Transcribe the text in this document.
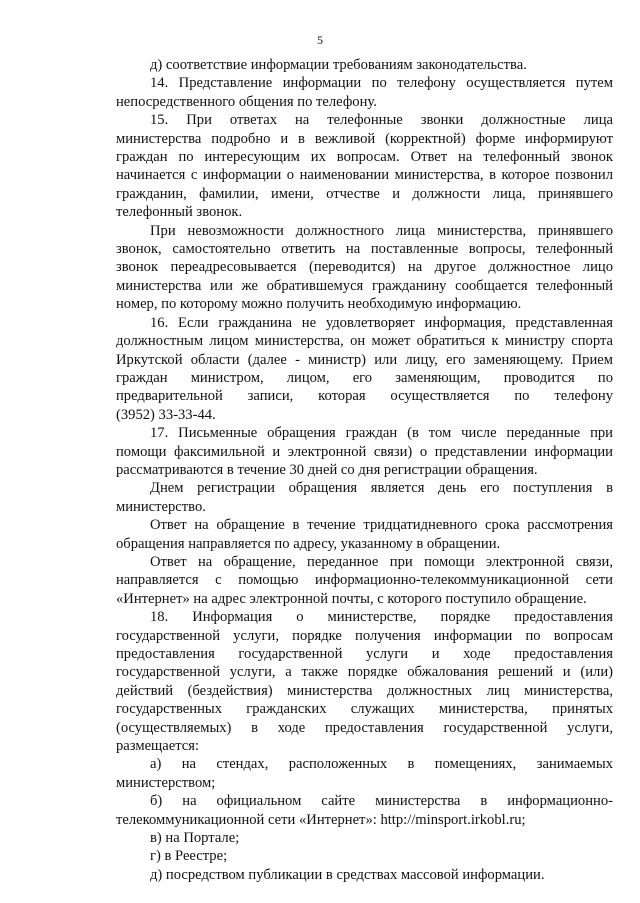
5
д) соответствие информации требованиям законодательства.
14. Представление информации по телефону осуществляется путем
непосредственного общения по телефону.
15. При ответах на телефонные звонки должностные лица
министерства подробно и в вежливой (корректной) форме информируют
граждан по интересующим их вопросам. Ответ на телефонный звонок
начинается с информации о наименовании министерства, в которое позвонил
гражданин, фамилии, имени, отчестве и должности лица, принявшего
телефонный звонок.
При невозможности должностного лица министерства, принявшего
звонок, самостоятельно ответить на поставленные вопросы, телефонный
звонок переадресовывается (переводится) на другое должностное лицо
министерства или же обратившемуся гражданину сообщается телефонный
номер, по которому можно получить необходимую информацию.
16. Если гражданина не удовлетворяет информация, представленная
должностным лицом министерства, он может обратиться к министру спорта
Иркутской области (далее - министр) или лицу, его заменяющему. Прием
граждан министром, лицом, его заменяющим, проводится по
предварительной записи, которая осуществляется по телефону
(3952) 33-33-44.
17. Письменные обращения граждан (в том числе переданные при
помощи факсимильной и электронной связи) о представлении информации
рассматриваются в течение 30 дней со дня регистрации обращения.
Днем регистрации обращения является день его поступления в
министерство.
Ответ на обращение в течение тридцатидневного срока рассмотрения
обращения направляется по адресу, указанному в обращении.
Ответ на обращение, переданное при помощи электронной связи,
направляется с помощью информационно-телекоммуникационной сети
«Интернет» на адрес электронной почты, с которого поступило обращение.
18. Информация о министерстве, порядке предоставления
государственной услуги, порядке получения информации по вопросам
предоставления государственной услуги и ходе предоставления
государственной услуги, а также порядке обжалования решений и (или)
действий (бездействия) министерства должностных лиц министерства,
государственных гражданских служащих министерства, принятых
(осуществляемых) в ходе предоставления государственной услуги,
размещается:
а) на стендах, расположенных в помещениях, занимаемых
министерством;
б) на официальном сайте министерства в информационно-
телекоммуникационной сети «Интернет»: http://minsport.irkobl.ru;
в) на Портале;
г) в Реестре;
д) посредством публикации в средствах массовой информации.
